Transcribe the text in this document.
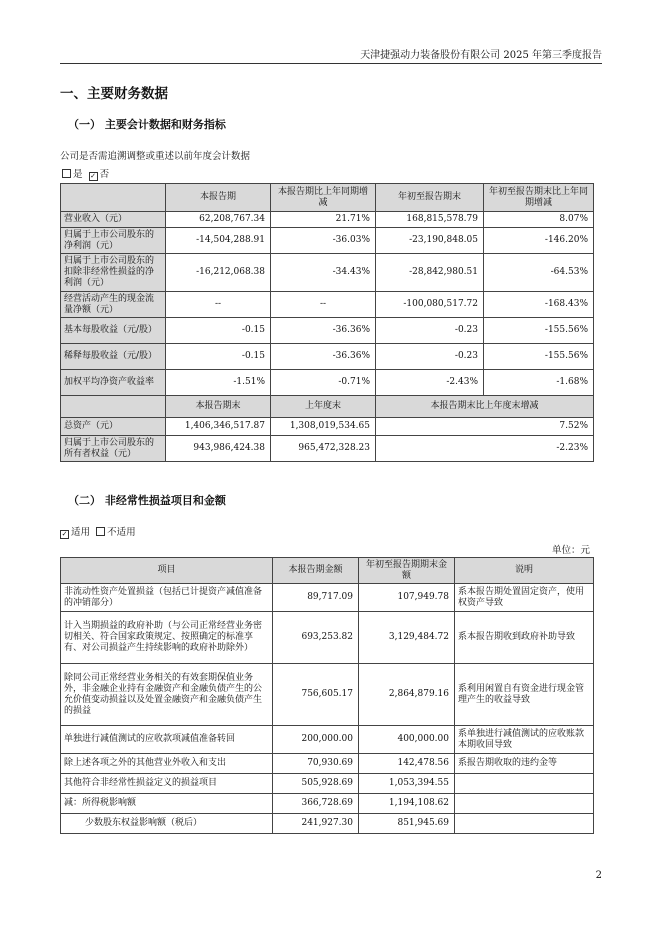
天津捷强动力装备股份有限公司 2025 年第三季度报告
一、主要财务数据
（一） 主要会计数据和财务指标
公司是否需追溯调整或重述以前年度会计数据
是 ✓ 否
	本报告期	本报告期比上年同期增减	年初至报告期末	年初至报告期末比上年同期增减
营业收入（元）	62,208,767.34	21.71%	168,815,578.79	8.07%
归属于上市公司股东的净利润（元）	-14,504,288.91	-36.03%	-23,190,848.05	-146.20%
归属于上市公司股东的扣除非经常性损益的净利润（元）	-16,212,068.38	-34.43%	-28,842,980.51	-64.53%
经营活动产生的现金流量净额（元）	--	--	-100,080,517.72	-168.43%
基本每股收益（元/股）	-0.15	-36.36%	-0.23	-155.56%
稀释每股收益（元/股）	-0.15	-36.36%	-0.23	-155.56%
加权平均净资产收益率	-1.51%	-0.71%	-2.43%	-1.68%
	本报告期末	上年度末	本报告期末比上年度末增减	
总资产（元）	1,406,346,517.87	1,308,019,534.65	7.52%	
归属于上市公司股东的所有者权益（元）	943,986,424.38	965,472,328.23	-2.23%	
（二） 非经常性损益项目和金额
✓ 适用 不适用
单位：元
项目	本报告期金额	年初至报告期期末金额	说明
非流动性资产处置损益（包括已计提资产减值准备的冲销部分）	89,717.09	107,949.78	系本报告期处置固定资产，使用权资产导致
计入当期损益的政府补助（与公司正常经营业务密切相关、符合国家政策规定、按照确定的标准享有、对公司损益产生持续影响的政府补助除外）	693,253.82	3,129,484.72	系本报告期收到政府补助导致
除同公司正常经营业务相关的有效套期保值业务外，非金融企业持有金融资产和金融负债产生的公允价值变动损益以及处置金融资产和金融负债产生的损益	756,605.17	2,864,879.16	系利用闲置自有资金进行现金管理产生的收益导致
单独进行减值测试的应收款项减值准备转回	200,000.00	400,000.00	系单独进行减值测试的应收账款本期收回导致
除上述各项之外的其他营业外收入和支出	70,930.69	142,478.56	系报告期收取的违约金等
其他符合非经常性损益定义的损益项目	505,928.69	1,053,394.55	
减：所得税影响额	366,728.69	1,194,108.62	
少数股东权益影响额（税后）	241,927.30	851,945.69	
2
